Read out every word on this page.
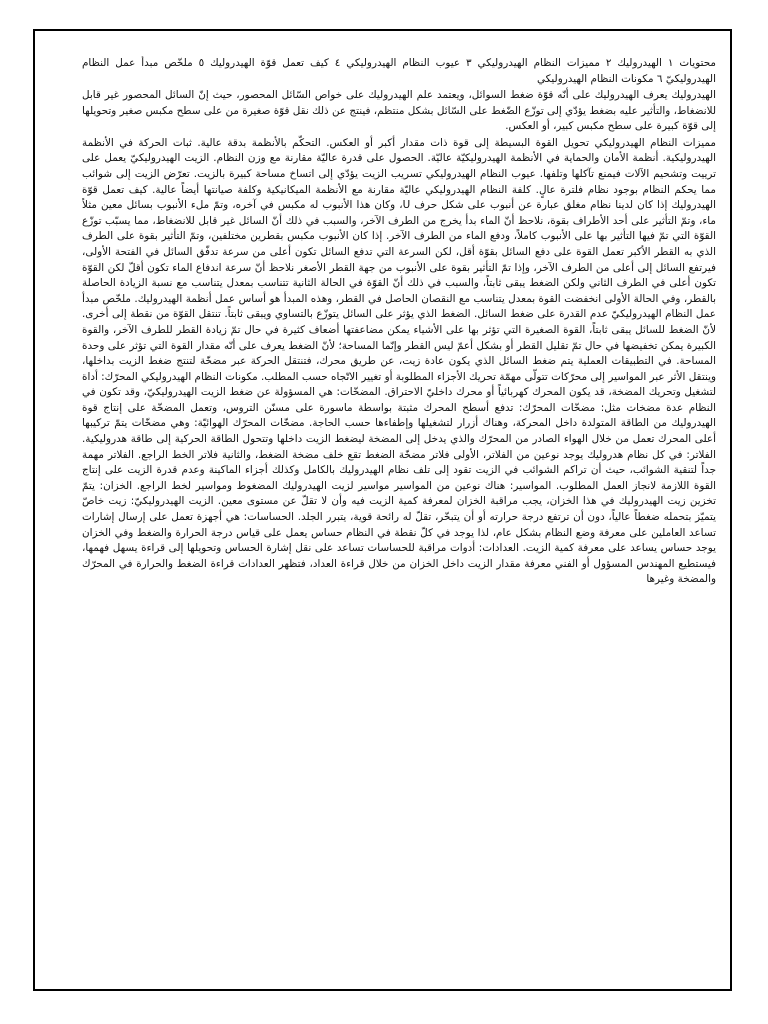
محتويات ١ الهيدروليك ٢ مميزات النظام الهيدروليكي ٣ عيوب النظام الهيدروليكي ٤ كيف تعمل قوّة الهيدروليك ٥ ملخّص مبدأ عمل النظام الهيدروليكيّ ٦ مكونات النظام الهيدروليكي

الهيدروليك يعرف الهيدروليك على أنّه قوّة ضغط السوائل، ويعتمد علم الهيدروليك على خواص السّائل المحصور، حيث إنّ السائل المحصور غير قابل للانضغاط، والتأثير عليه بضغط يؤدّي إلى توزّع الضّغط على السّائل بشكل منتظم، فينتج عن ذلك نقل قوّة صغيرة من على سطح مكبس صغير وتحويلها إلى قوّة كبيرة على سطح مكبس كبير، أو العكس.

مميزات النظام الهيدروليكي تحويل القوة البسيطة إلى قوة ذات مقدار أكبر أو العكس. التحكّم بالأنظمة بدقة عالية. ثبات الحركة في الأنظمة الهيدروليكية. أنظمة الأمان والحماية في الأنظمة الهيدروليكيّة عاليّة. الحصول على قدرة عاليّة مقارنة مع وزن النظام. الزيت الهيدروليكيّ يعمل على ترييت وتشحيم الآلات فيمنع تآكلها وتلفها. عيوب النظام الهيدروليكي تسريب الزيت يؤدّي إلى اتساخ مساحة كبيرة بالزيت. تعرّض الزيت إلى شوائب مما يحكم النظام بوجود نظام فلترة عالٍ. كلفة النظام الهيدروليكي عاليّة مقارنة مع الأنظمة الميكانيكية وكلفة صيانتها أيضاً عالية. كيف تعمل قوّة الهيدروليك إذا كان لدينا نظام مغلق عبارة عن أنبوب على شكل حرف U، وكان هذا الأنبوب له مكبس في آخره، وتمّ ملء الأنبوب بسائل معين مثلاً ماء، وتمّ التأثير على أحد الأطراف بقوة، نلاحظ أنّ الماء بدأ يخرج من الطرف الآخر، والسبب في ذلك أنّ السائل غير قابل للانضغاط، مما يسبّب توزّع القوّة التي تمّ فيها التأثير بها على الأنبوب كاملاً، ودفع الماء من الطرف الآخر. إذا كان الأنبوب مكبس بقطرين مختلفين، وتمّ التأثير بقوة على الطرف الذي به القطر الأكبر تعمل القوة على دفع السائل بقوّة أقل، لكن السرعة التي تدفع السائل تكون أعلى من سرعة تدفّق السائل في الفتحة الأولى، فيرتفع السائل إلى أعلى من الطرف الآخر، وإذا تمّ التأثير بقوة على الأنبوب من جهة القطر الأصغر نلاحظ أنّ سرعة اندفاع الماء تكون أقلّ لكن القوّة تكون أعلى في الطرف الثاني ولكن الضغط يبقى ثابتاً، والسبب في ذلك أنّ القوّة في الحالة الثانية تتناسب بمعدل يتناسب مع نسبة الزيادة الحاصلة بالقطر، وفي الحالة الأولى انخفضت القوة بمعدل يتناسب مع النقصان الحاصل في القطر، وهذه المبدأ هو أساس عمل أنظمة الهيدروليك. ملخّص مبدأ عمل النظام الهيدروليكيّ عدم القدرة على ضغط السائل. الضغط الذي يؤثر على السائل يتوزّع بالتساوي ويبقى ثابتاً. تنتقل القوّة من نقطة إلى أخرى. لأنّ الضغط للسائل يبقى ثابتاً، القوة الصغيرة التي تؤثر بها على الأشياء يمكن مضاعفتها أضعاف كثيرة في حال تمّ زيادة القطر للطرف الآخر، والقوة الكبيرة يمكن تخفيضها في حال تمّ تقليل القطر أو بشكل أعمّ ليس القطر وإنّما المساحة؛ لأنّ الضغط يعرف على أنّه مقدار القوة التي تؤثر على وحدة المساحة. في التطبيقات العملية يتم ضغط السائل الذي يكون عادة زيت، عن طريق محرك، فتنتقل الحركة عبر مضخّة لتنتج ضغط الزيت بداخلها، وينتقل الأثر عبر المواسير إلى محرّكات تتولّى مهمّة تحريك الأجزاء المطلوبة أو تغيير الاتّجاه حسب المطلب. مكونات النظام الهيدروليكي المحرّك: أداة لتشغيل وتحريك المضخة، قد يكون المحرك كهربائياً أو محرك داخليّ الاحتراق. المضخّات: هي المسؤولة عن ضغط الزيت الهيدروليكيّ، وقد تكون في النظام عدة مضخات مثل: مضخّات المحرّك: تدفع أسطح المحرك مثبتة بواسطة ماسورة على مسنّن التروس، وتعمل المضخّة على إنتاج قوة الهيدروليك من الطاقة المتولدة داخل المحركة، وهناك أزرار لتشغيلها وإطفاءها حسب الحاجة. مضخّات المحرّك الهوائيّة: وهي مضخّات يتمّ تركيبها أعلى المحرك تعمل من خلال الهواء الصادر من المحرّك والذي يدخل إلى المضخة ليضغط الزيت داخلها وتتحول الطاقة الحركية إلى طاقة هدروليكية. الفلاتر: في كل نظام هدروليك يوجد نوعين من الفلاتر، الأولى فلاتر مضخّة الضغط تقع خلف مضخة الضغط، والثانية فلاتر الخط الراجع. الفلاتر مهمة جداً لتنقية الشوائب، حيث أن تراكم الشوائب في الزيت تقود إلى تلف نظام الهيدروليك بالكامل وكذلك أجزاء الماكينة وعدم قدرة الزيت على إنتاج القوة اللازمة لانجاز العمل المطلوب. المواسير: هناك نوعين من المواسير مواسير لزيت الهيدروليك المضغوط ومواسير لخط الراجع. الخزان: يتمّ تخزين زيت الهيدروليك في هذا الخزان، يجب مراقبة الخزان لمعرفة كمية الزيت فيه وأن لا تقلّ عن مستوى معين. الزيت الهيدروليكيّ: زيت خاصّ يتميّز بتحمله ضغطاً عالياً، دون أن ترتفع درجة حرارته أو أن يتبخّر، تقلّ له رائحة قوية، يتبرر الجلد. الحساسات: هي أجهزة تعمل على إرسال إشارات تساعد العاملين على معرفة وضع النظام بشكل عام، لذا يوجد في كلّ نقطة في النظام حساس يعمل على قياس درجة الحرارة والضغط وفي الخزان يوجد حساس يساعد على معرفة كمية الزيت. العدادات: أدوات مراقبة للحساسات تساعد على نقل إشارة الحساس وتحويلها إلى قراءة يسهل فهمها، فيستطيع المهندس المسؤول أو الفني معرفة مقدار الزيت داخل الخزان من خلال قراءة العداد، فتظهر العدادات قراءة الضغط والحرارة في المحرّك والمضخة وغيرها
